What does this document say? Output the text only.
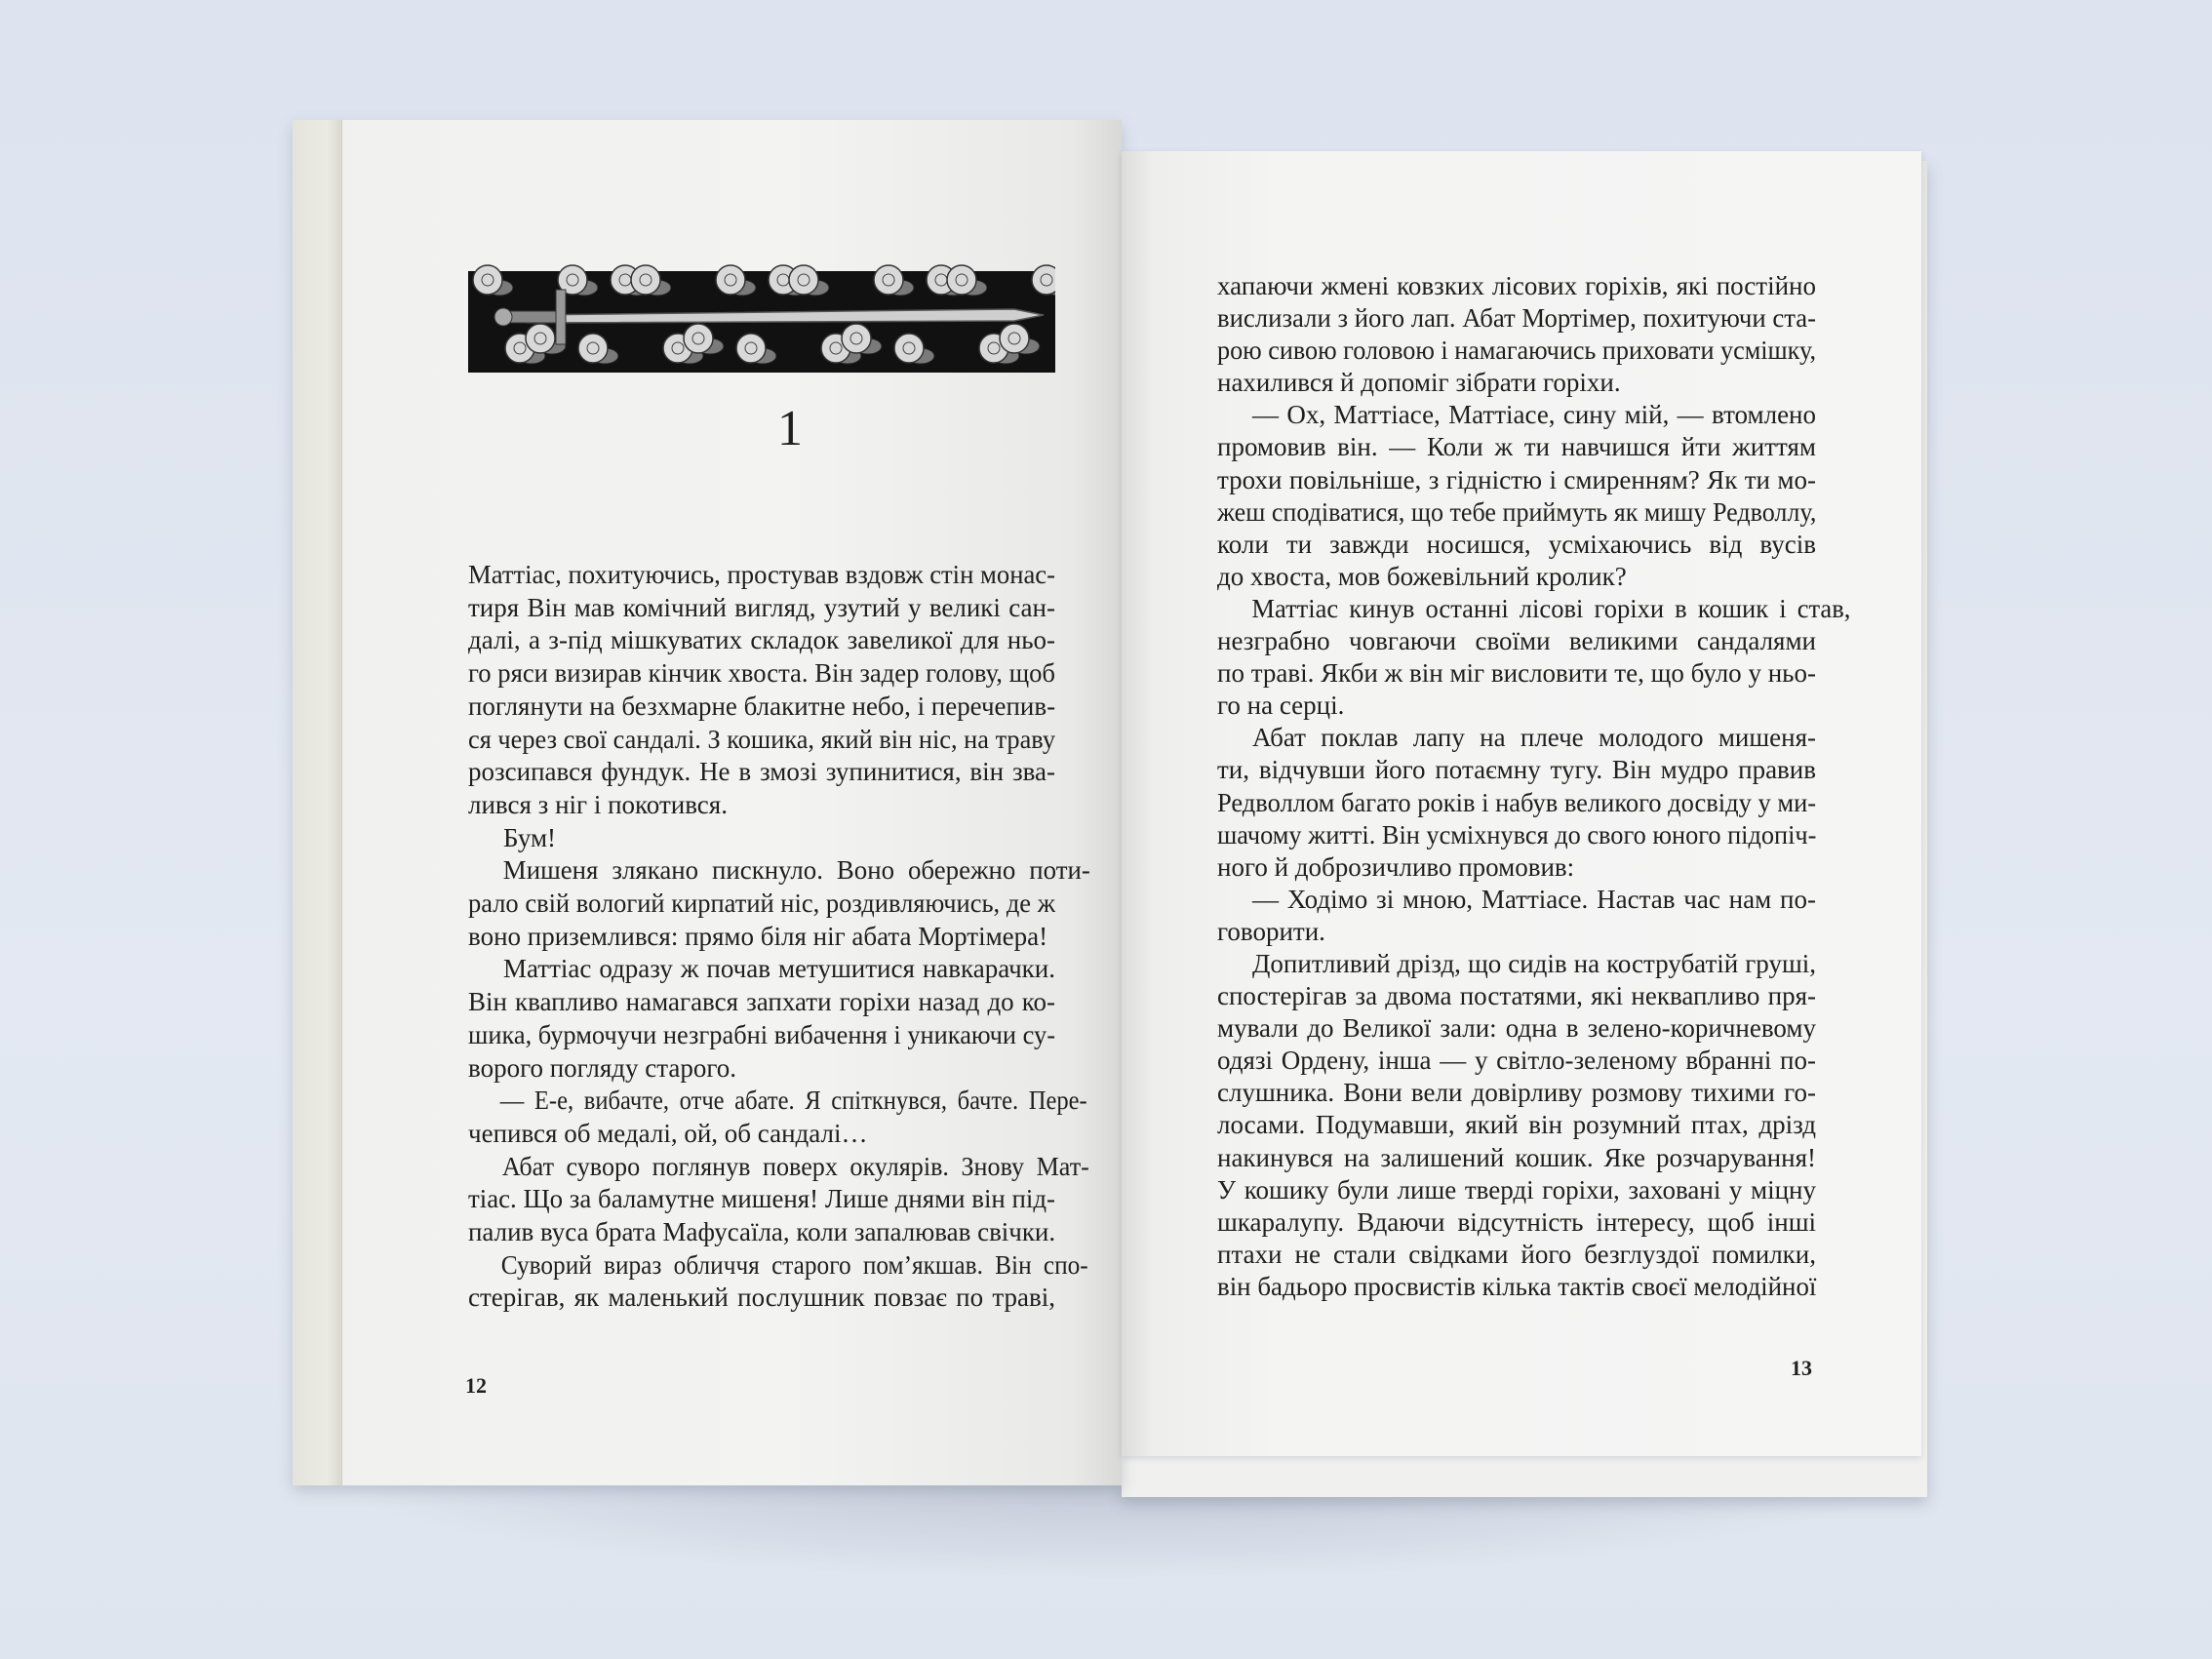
1
Маттіас, похитуючись, простував вздовж стін монас-
тиря Він мав комічний вигляд, узутий у великі сан-
далі, а з-під мішкуватих складок завеликої для ньо-
го ряси визирав кінчик хвоста. Він задер голову, щоб
поглянути на безхмарне блакитне небо, і перечепив-
ся через свої сандалі. З кошика, який він ніс, на траву
розсипався фундук. Не в змозі зупинитися, він зва-
лився з ніг і покотився.
Бум!
Мишеня злякано пискнуло. Воно обережно поти-
рало свій вологий кирпатий ніс, роздивляючись, де ж
воно приземлився: прямо біля ніг абата Мортімера!
Маттіас одразу ж почав метушитися навкарачки.
Він квапливо намагався запхати горіхи назад до ко-
шика, бурмочучи незграбні вибачення і уникаючи су-
ворого погляду старого.
— Е-е, вибачте, отче абате. Я спіткнувся, бачте. Пере-
чепився об медалі, ой, об сандалі…
Абат суворо поглянув поверх окулярів. Знову Мат-
тіас. Що за баламутне мишеня! Лише днями він під-
палив вуса брата Мафусаїла, коли запалював свічки.
Суворий вираз обличчя старого пом’якшав. Він спо-
стерігав, як маленький послушник повзає по траві,
хапаючи жмені ковзких лісових горіхів, які постійно
вислизали з його лап. Абат Мортімер, похитуючи ста-
рою сивою головою і намагаючись приховати усмішку,
нахилився й допоміг зібрати горіхи.
— Ох, Маттіасе, Маттіасе, сину мій, — втомлено
промовив він. — Коли ж ти навчишся йти життям
трохи повільніше, з гідністю і смиренням? Як ти мо-
жеш сподіватися, що тебе приймуть як мишу Редволлу,
коли ти завжди носишся, усміхаючись від вусів
до хвоста, мов божевільний кролик?
Маттіас кинув останні лісові горіхи в кошик і став,
незграбно човгаючи своїми великими сандалями
по траві. Якби ж він міг висловити те, що було у ньо-
го на серці.
Абат поклав лапу на плече молодого мишеня-
ти, відчувши його потаємну тугу. Він мудро правив
Редволлом багато років і набув великого досвіду у ми-
шачому житті. Він усміхнувся до свого юного підопіч-
ного й доброзичливо промовив:
— Ходімо зі мною, Маттіасе. Настав час нам по-
говорити.
Допитливий дрізд, що сидів на кострубатій груші,
спостерігав за двома постатями, які неквапливо пря-
мували до Великої зали: одна в зелено-коричневому
одязі Ордену, інша — у світло-зеленому вбранні по-
слушника. Вони вели довірливу розмову тихими го-
лосами. Подумавши, який він розумний птах, дрізд
накинувся на залишений кошик. Яке розчарування!
У кошику були лише тверді горіхи, заховані у міцну
шкаралупу. Вдаючи відсутність інтересу, щоб інші
птахи не стали свідками його безглуздої помилки,
він бадьоро просвистів кілька тактів своєї мелодійної
12
13
